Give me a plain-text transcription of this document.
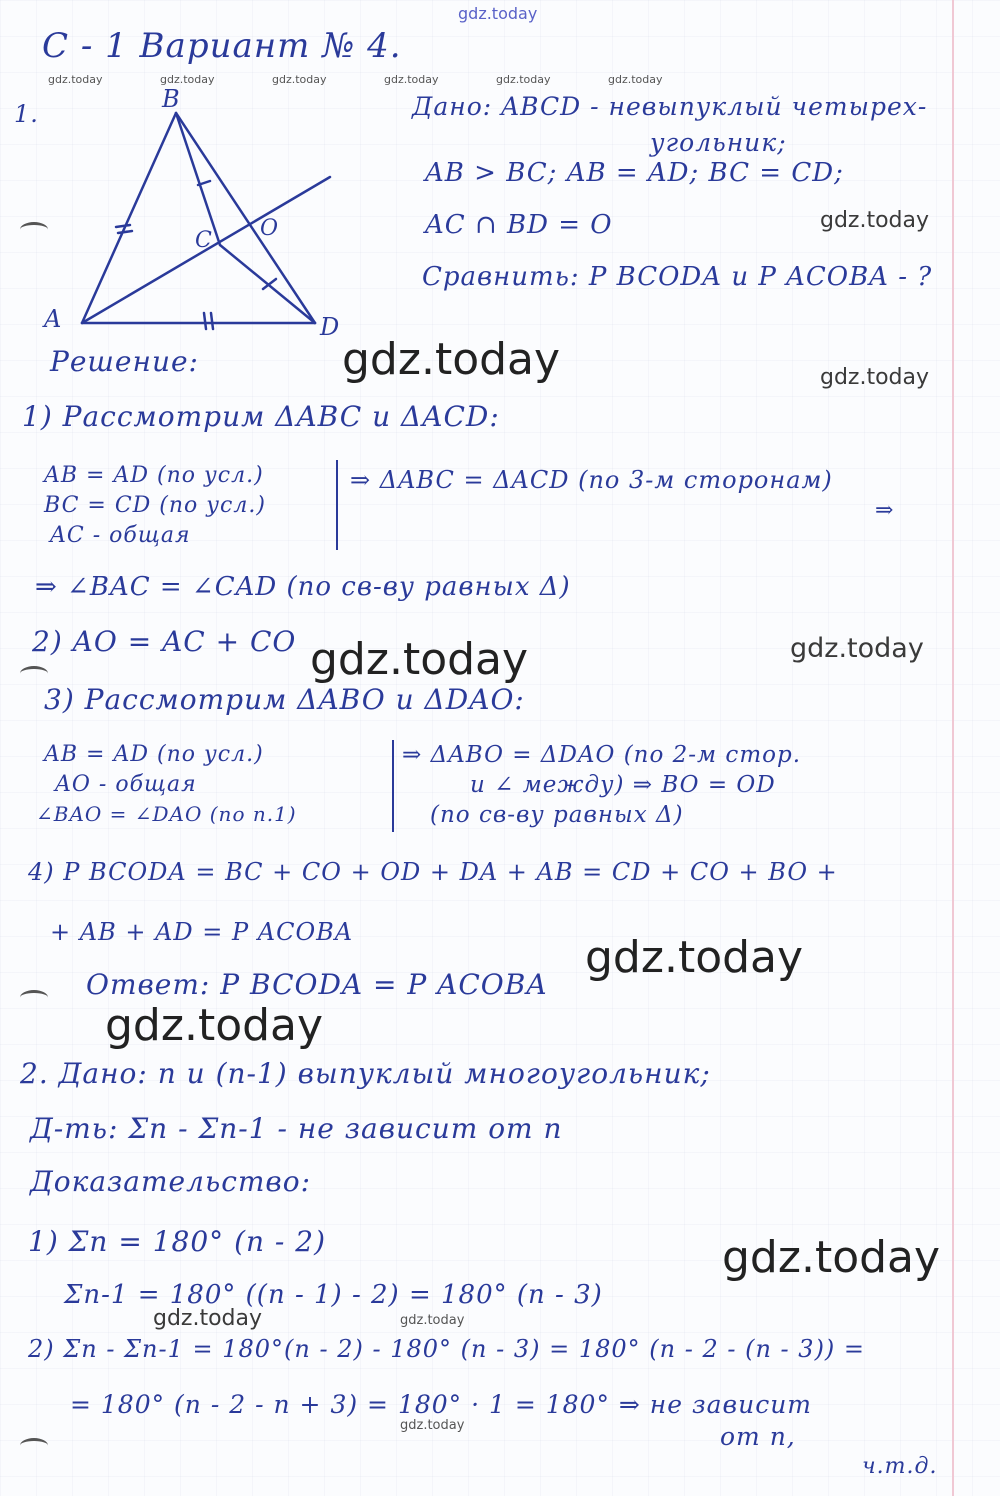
gdz.today
gdz.today	gdz.today	gdz.today	gdz.today	gdz.today	gdz.today
gdz.today
gdz.today	gdz.today
gdz.today	gdz.today
gdz.today
gdz.today
gdz.today
gdz.today	gdz.today
gdz.today
С - 1 Вариант № 4.
1.
B
A	D
C O
Дано: ABCD - невыпуклый четырех-
угольник;
AB > BC; AB = AD; BC = CD;
AC ∩ BD = O
Сравнить: P BCODA и P ACOBA - ?
Решение:
1) Рассмотрим ΔABC и ΔACD:
AB = AD (по усл.)
BC = CD (по усл.)
AC - общая
⇒ ΔABC = ΔACD (по 3-м сторонам)
⇒
⇒ ∠BAC = ∠CAD (по св-ву равных Δ)
2) AO = AC + CO
3) Рассмотрим ΔABO и ΔDAO:
AB = AD (по усл.)
AO - общая
∠BAO = ∠DAO (по п.1)
⇒ ΔABO = ΔDAO (по 2-м стор.
и ∠ между) ⇒ BO = OD
(по св-ву равных Δ)
4) P BCODA = BC + CO + OD + DA + AB = CD + CO + BO +
+ AB + AD = P ACOBA
Ответ: P BCODA = P ACOBA
2. Дано: n и (n-1) выпуклый многоугольник;
Д-ть: Σn - Σn-1 - не зависит от n
Доказательство:
1) Σn = 180° (n - 2)
Σn-1 = 180° ((n - 1) - 2) = 180° (n - 3)
2) Σn - Σn-1 = 180°(n - 2) - 180° (n - 3) = 180° (n - 2 - (n - 3)) =
= 180° (n - 2 - n + 3) = 180° · 1 = 180° ⇒ не зависит
от n,
ч.т.д.
